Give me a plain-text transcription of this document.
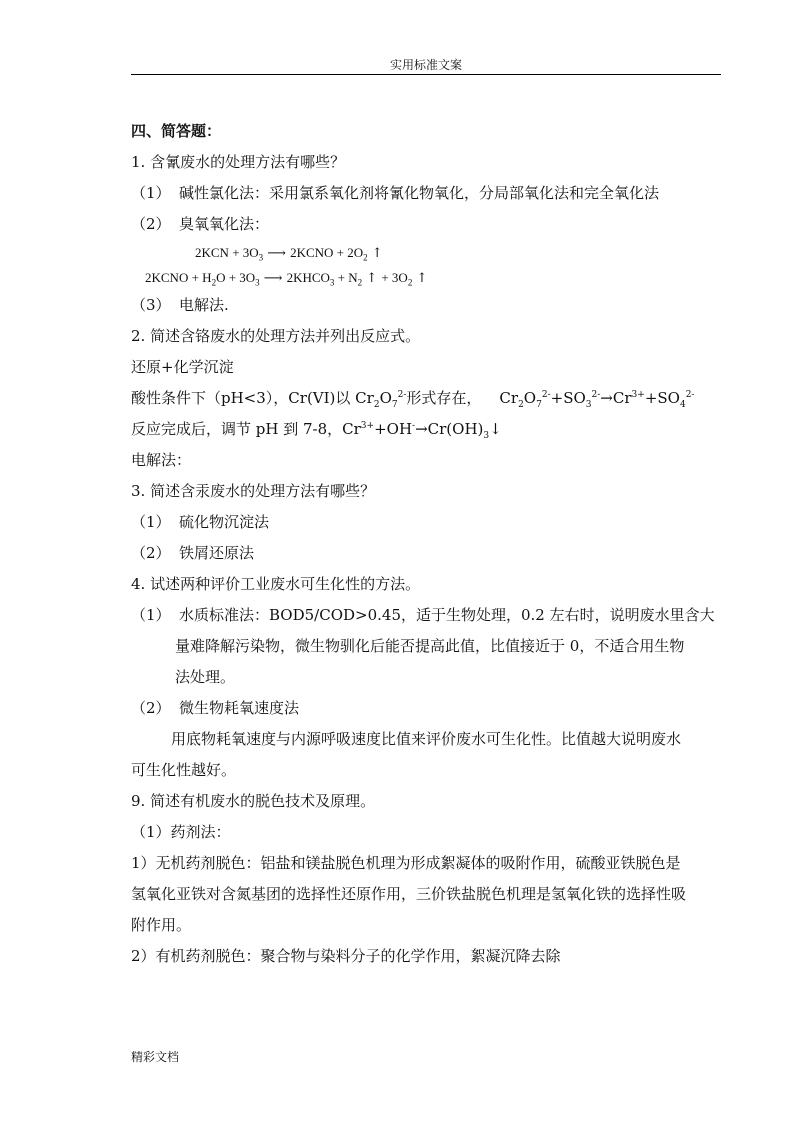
实用标准文案
四、简答题：
1. 含氰废水的处理方法有哪些？
（1） 碱性氯化法：采用氯系氧化剂将氰化物氧化，分局部氧化法和完全氧化法
（2） 臭氧氧化法：
$2KCN + 3O_3$ ⟶ 2KCNO + $2O_2$ ↑
2KCNO + $H_2O + 3O_3$ ⟶ $2KHCO_3 + N_2$ ↑ + $3O_2$ ↑
（3） 电解法.
2. 简述含铬废水的处理方法并列出反应式。
还原+化学沉淀
酸性条件下（pH<3），Cr(VI)以 $Cr_2O_7^{2-}$形式存在， $Cr_2O_7^{2-}+SO_3^{2-}\to Cr^{3+}+SO_4^{2-}$
反应完成后，调节 pH 到 7-8，$Cr^{3+}+OH^-\to Cr(OH)_3↓$
电解法：
3. 简述含汞废水的处理方法有哪些？
（1） 硫化物沉淀法
（2） 铁屑还原法
4. 试述两种评价工业废水可生化性的方法。
（1） 水质标准法：BOD5/COD>0.45，适于生物处理，0.2 左右时，说明废水里含大
量难降解污染物，微生物驯化后能否提高此值，比值接近于 0，不适合用生物
法处理。
（2） 微生物耗氧速度法
用底物耗氧速度与内源呼吸速度比值来评价废水可生化性。比值越大说明废水
可生化性越好。
9. 简述有机废水的脱色技术及原理。
（1）药剂法：
1）无机药剂脱色：铝盐和镁盐脱色机理为形成絮凝体的吸附作用，硫酸亚铁脱色是
氢氧化亚铁对含氮基团的选择性还原作用，三价铁盐脱色机理是氢氧化铁的选择性吸
附作用。
2）有机药剂脱色：聚合物与染料分子的化学作用，絮凝沉降去除
精彩文档
